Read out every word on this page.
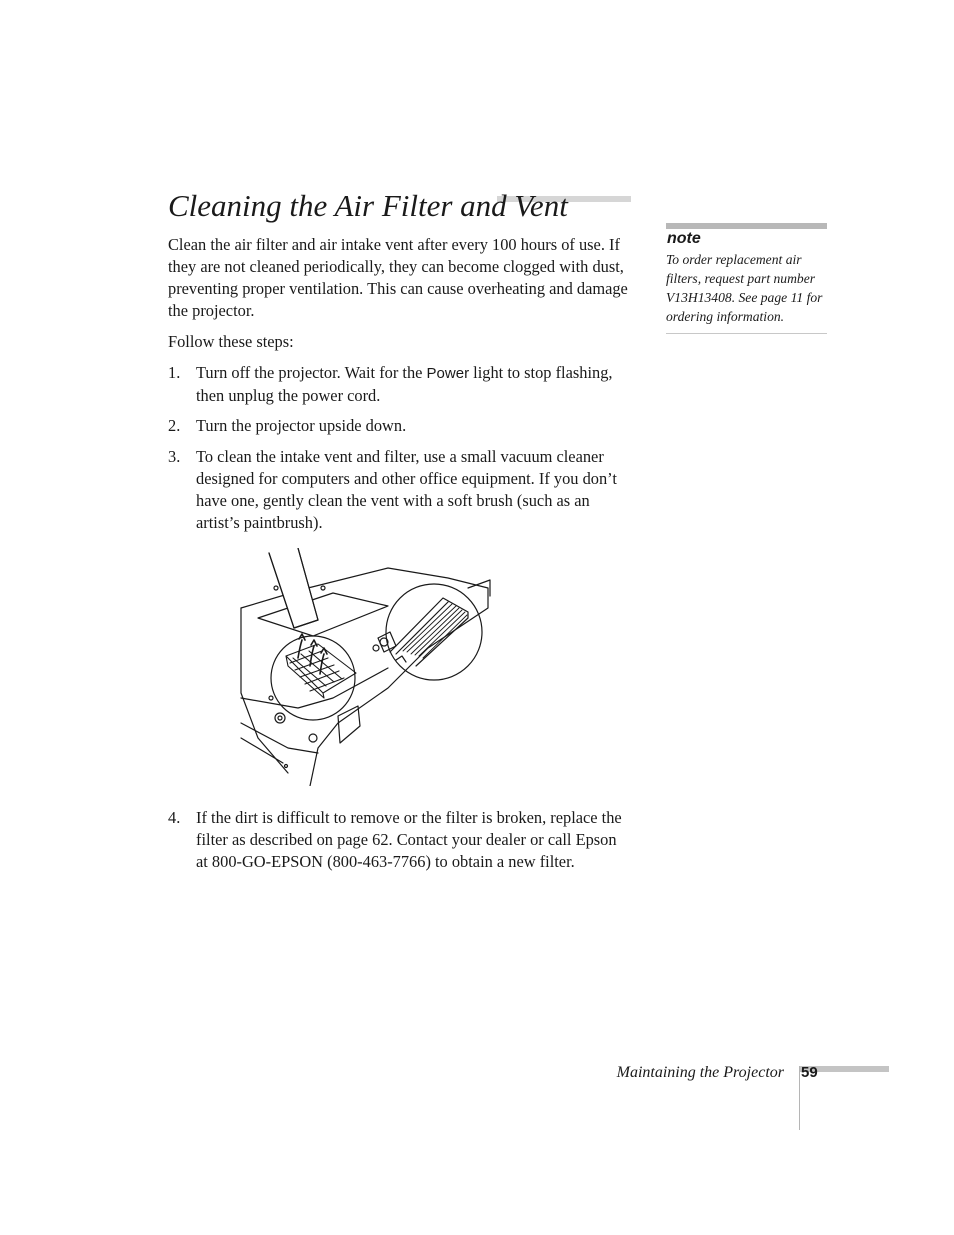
Cleaning the Air Filter and Vent

Clean the air filter and air intake vent after every 100 hours of use. If they are not cleaned periodically, they can become clogged with dust, preventing proper ventilation. This can cause overheating and damage the projector.

Follow these steps:

1. Turn off the projector. Wait for the Power light to stop flashing, then unplug the power cord.
2. Turn the projector upside down.
3. To clean the intake vent and filter, use a small vacuum cleaner designed for computers and other office equipment. If you don’t have one, gently clean the vent with a soft brush (such as an artist’s paintbrush).
4. If the dirt is difficult to remove or the filter is broken, replace the filter as described on page 62. Contact your dealer or call Epson at 800-GO-EPSON (800-463-7766) to obtain a new filter.
note
To order replacement air filters, request part number V13H13408. See page 11 for ordering information.
Maintaining the Projector 59
